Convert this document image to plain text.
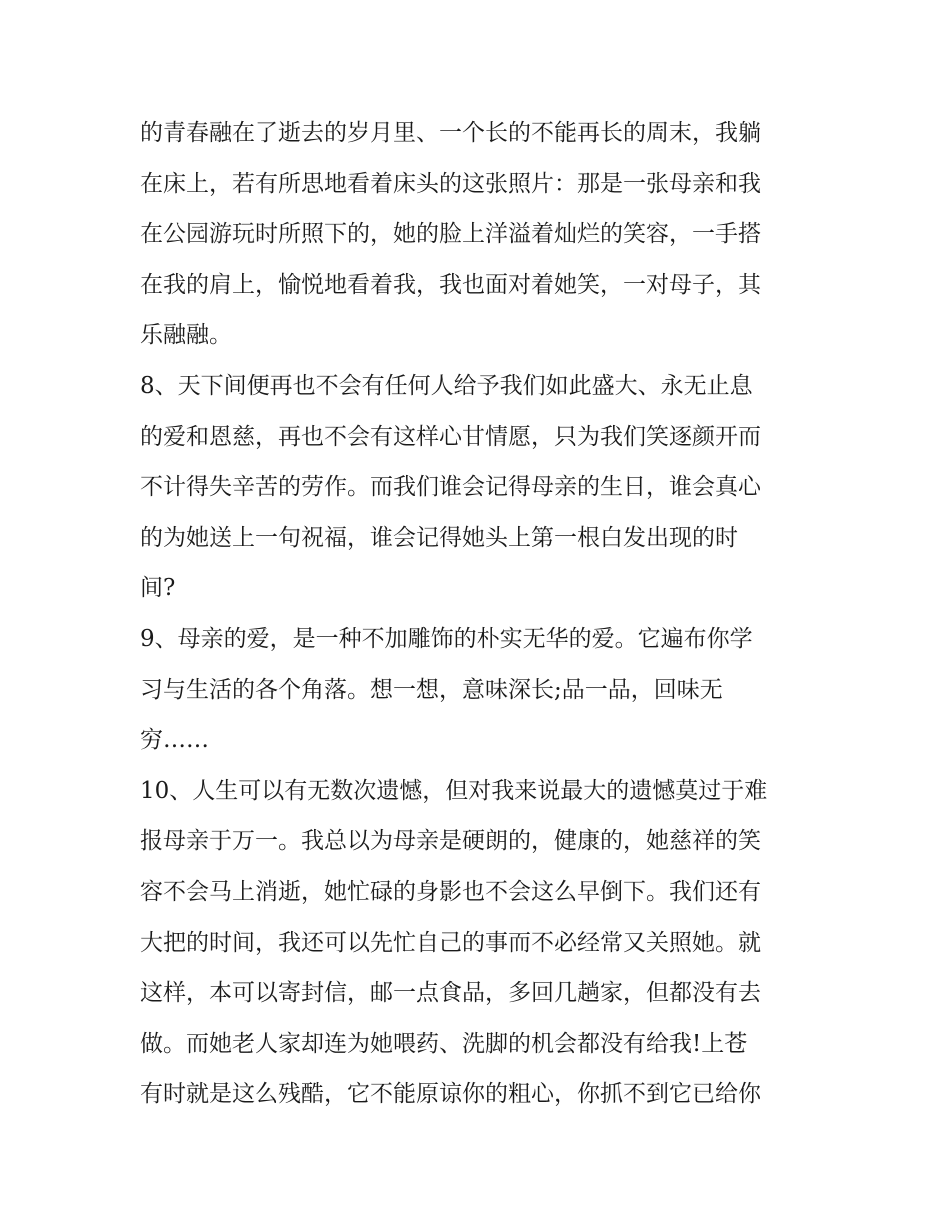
的青春融在了逝去的岁月里、一个长的不能再长的周末，我躺
在床上，若有所思地看着床头的这张照片：那是一张母亲和我
在公园游玩时所照下的，她的脸上洋溢着灿烂的笑容，一手搭
在我的肩上，愉悦地看着我，我也面对着她笑，一对母子，其
乐融融。
8、天下间便再也不会有任何人给予我们如此盛大、永无止息
的爱和恩慈，再也不会有这样心甘情愿，只为我们笑逐颜开而
不计得失辛苦的劳作。而我们谁会记得母亲的生日，谁会真心
的为她送上一句祝福，谁会记得她头上第一根白发出现的时
间?
9、母亲的爱，是一种不加雕饰的朴实无华的爱。它遍布你学
习与生活的各个角落。想一想，意味深长;品一品，回味无
穷……
10、人生可以有无数次遗憾，但对我来说最大的遗憾莫过于难
报母亲于万一。我总以为母亲是硬朗的，健康的，她慈祥的笑
容不会马上消逝，她忙碌的身影也不会这么早倒下。我们还有
大把的时间，我还可以先忙自己的事而不必经常又关照她。就
这样，本可以寄封信，邮一点食品，多回几趟家，但都没有去
做。而她老人家却连为她喂药、洗脚的机会都没有给我!上苍
有时就是这么残酷，它不能原谅你的粗心，你抓不到它已给你
